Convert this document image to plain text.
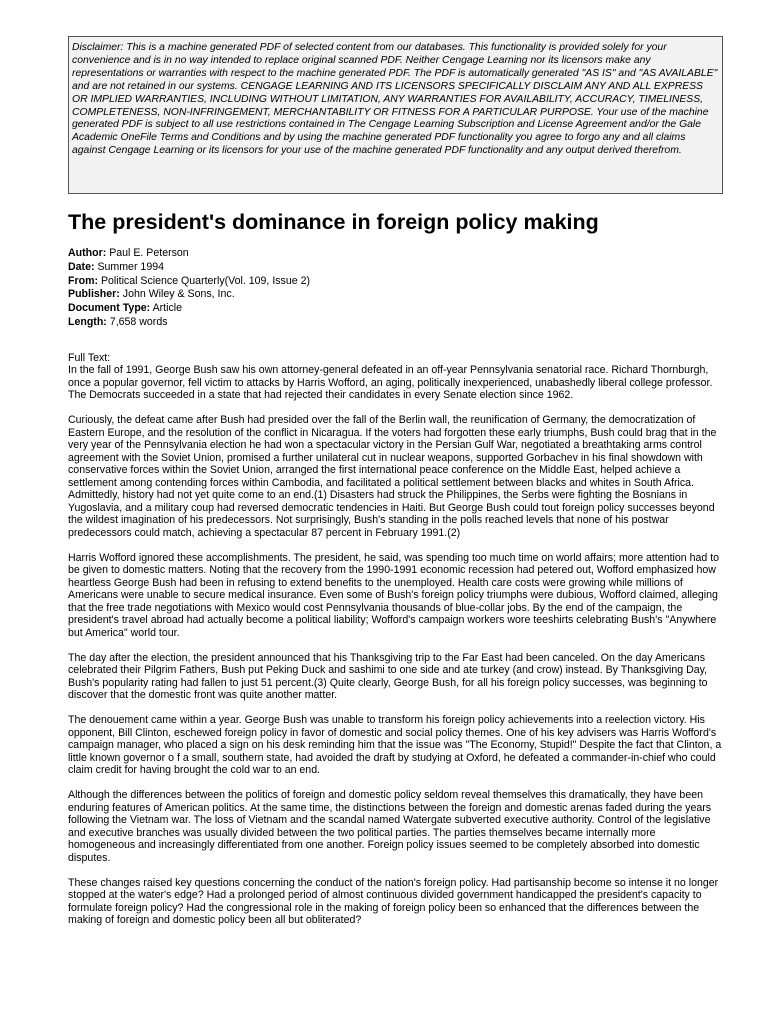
Disclaimer: This is a machine generated PDF of selected content from our databases. This functionality is provided solely for your convenience and is in no way intended to replace original scanned PDF. Neither Cengage Learning nor its licensors make any representations or warranties with respect to the machine generated PDF. The PDF is automatically generated "AS IS" and "AS AVAILABLE" and are not retained in our systems. CENGAGE LEARNING AND ITS LICENSORS SPECIFICALLY DISCLAIM ANY AND ALL EXPRESS OR IMPLIED WARRANTIES, INCLUDING WITHOUT LIMITATION, ANY WARRANTIES FOR AVAILABILITY, ACCURACY, TIMELINESS, COMPLETENESS, NON-INFRINGEMENT, MERCHANTABILITY OR FITNESS FOR A PARTICULAR PURPOSE. Your use of the machine generated PDF is subject to all use restrictions contained in The Cengage Learning Subscription and License Agreement and/or the Gale Academic OneFile Terms and Conditions and by using the machine generated PDF functionality you agree to forgo any and all claims against Cengage Learning or its licensors for your use of the machine generated PDF functionality and any output derived therefrom.
The president's dominance in foreign policy making
Author: Paul E. Peterson
Date: Summer 1994
From: Political Science Quarterly(Vol. 109, Issue 2)
Publisher: John Wiley & Sons, Inc.
Document Type: Article
Length: 7,658 words
Full Text:

In the fall of 1991, George Bush saw his own attorney-general defeated in an off-year Pennsylvania senatorial race. Richard Thornburgh, once a popular governor, fell victim to attacks by Harris Wofford, an aging, politically inexperienced, unabashedly liberal college professor. The Democrats succeeded in a state that had rejected their candidates in every Senate election since 1962.

Curiously, the defeat came after Bush had presided over the fall of the Berlin wall, the reunification of Germany, the democratization of Eastern Europe, and the resolution of the conflict in Nicaragua. If the voters had forgotten these early triumphs, Bush could brag that in the very year of the Pennsylvania election he had won a spectacular victory in the Persian Gulf War, negotiated a breathtaking arms control agreement with the Soviet Union, promised a further unilateral cut in nuclear weapons, supported Gorbachev in his final showdown with conservative forces within the Soviet Union, arranged the first international peace conference on the Middle East, helped achieve a settlement among contending forces within Cambodia, and facilitated a political settlement between blacks and whites in South Africa. Admittedly, history had not yet quite come to an end.(1) Disasters had struck the Philippines, the Serbs were fighting the Bosnians in Yugoslavia, and a military coup had reversed democratic tendencies in Haiti. But George Bush could tout foreign policy successes beyond the wildest imagination of his predecessors. Not surprisingly, Bush's standing in the polls reached levels that none of his postwar predecessors could match, achieving a spectacular 87 percent in February 1991.(2)

Harris Wofford ignored these accomplishments. The president, he said, was spending too much time on world affairs; more attention had to be given to domestic matters. Noting that the recovery from the 1990-1991 economic recession had petered out, Wofford emphasized how heartless George Bush had been in refusing to extend benefits to the unemployed. Health care costs were growing while millions of Americans were unable to secure medical insurance. Even some of Bush's foreign policy triumphs were dubious, Wofford claimed, alleging that the free trade negotiations with Mexico would cost Pennsylvania thousands of blue-collar jobs. By the end of the campaign, the president's travel abroad had actually become a political liability; Wofford's campaign workers wore teeshirts celebrating Bush's "Anywhere but America" world tour.

The day after the election, the president announced that his Thanksgiving trip to the Far East had been canceled. On the day Americans celebrated their Pilgrim Fathers, Bush put Peking Duck and sashimi to one side and ate turkey (and crow) instead. By Thanksgiving Day, Bush's popularity rating had fallen to just 51 percent.(3) Quite clearly, George Bush, for all his foreign policy successes, was beginning to discover that the domestic front was quite another matter.

The denouement came within a year. George Bush was unable to transform his foreign policy achievements into a reelection victory. His opponent, Bill Clinton, eschewed foreign policy in favor of domestic and social policy themes. One of his key advisers was Harris Wofford's campaign manager, who placed a sign on his desk reminding him that the issue was "The Economy, Stupid!" Despite the fact that Clinton, a little known governor o f a small, southern state, had avoided the draft by studying at Oxford, he defeated a commander-in-chief who could claim credit for having brought the cold war to an end.

Although the differences between the politics of foreign and domestic policy seldom reveal themselves this dramatically, they have been enduring features of American politics. At the same time, the distinctions between the foreign and domestic arenas faded during the years following the Vietnam war. The loss of Vietnam and the scandal named Watergate subverted executive authority. Control of the legislative and executive branches was usually divided between the two political parties. The parties themselves became internally more homogeneous and increasingly differentiated from one another. Foreign policy issues seemed to be completely absorbed into domestic disputes.

These changes raised key questions concerning the conduct of the nation's foreign policy. Had partisanship become so intense it no longer stopped at the water's edge? Had a prolonged period of almost continuous divided government handicapped the president's capacity to formulate foreign policy? Had the congressional role in the making of foreign policy been so enhanced that the differences between the making of foreign and domestic policy been all but obliterated?
